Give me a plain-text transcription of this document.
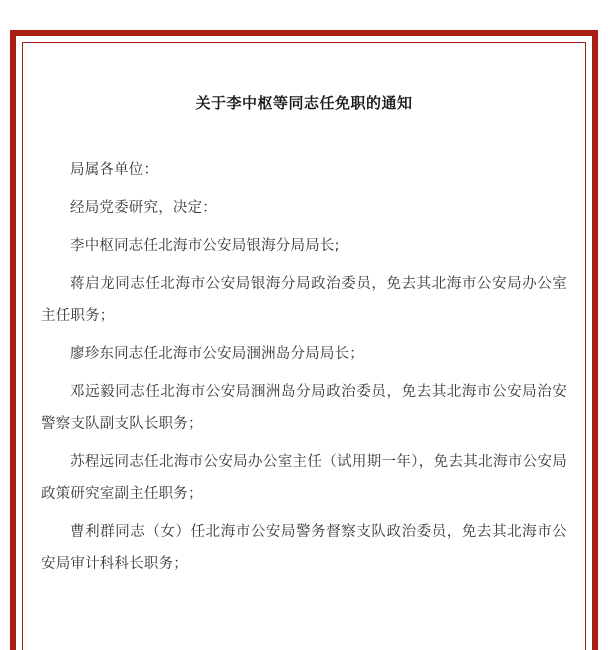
关于李中枢等同志任免职的通知

局属各单位：

经局党委研究，决定：

李中枢同志任北海市公安局银海分局局长;

蒋启龙同志任北海市公安局银海分局政治委员，免去其北海市公安局办公室主任职务；

廖珍东同志任北海市公安局涠洲岛分局局长；

邓远毅同志任北海市公安局涠洲岛分局政治委员，免去其北海市公安局治安警察支队副支队长职务；

苏程远同志任北海市公安局办公室主任（试用期一年），免去其北海市公安局政策研究室副主任职务；

曹利群同志（女）任北海市公安局警务督察支队政治委员，免去其北海市公安局审计科科长职务；
